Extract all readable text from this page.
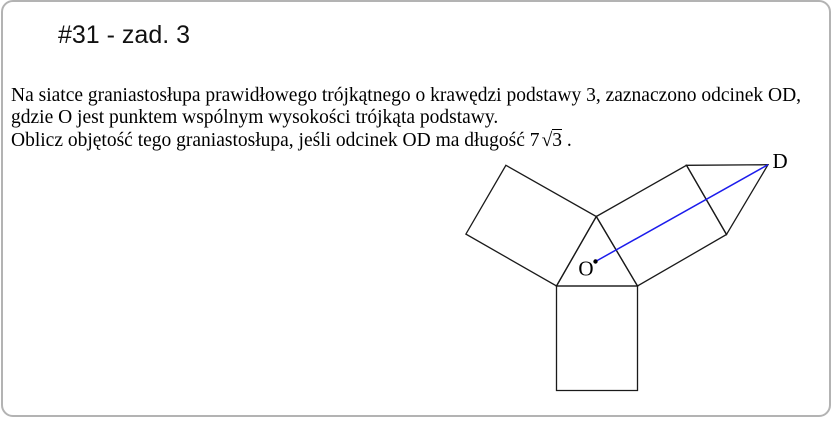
#31 - zad. 3
Na siatce graniastosłupa prawidłowego trójkątnego o krawędzi podstawy 3, zaznaczono odcinek OD,
gdzie O jest punktem wspólnym wysokości trójkąta podstawy.
Oblicz objętość tego graniastosłupa, jeśli odcinek OD ma długość 7 √3 .
O
D
